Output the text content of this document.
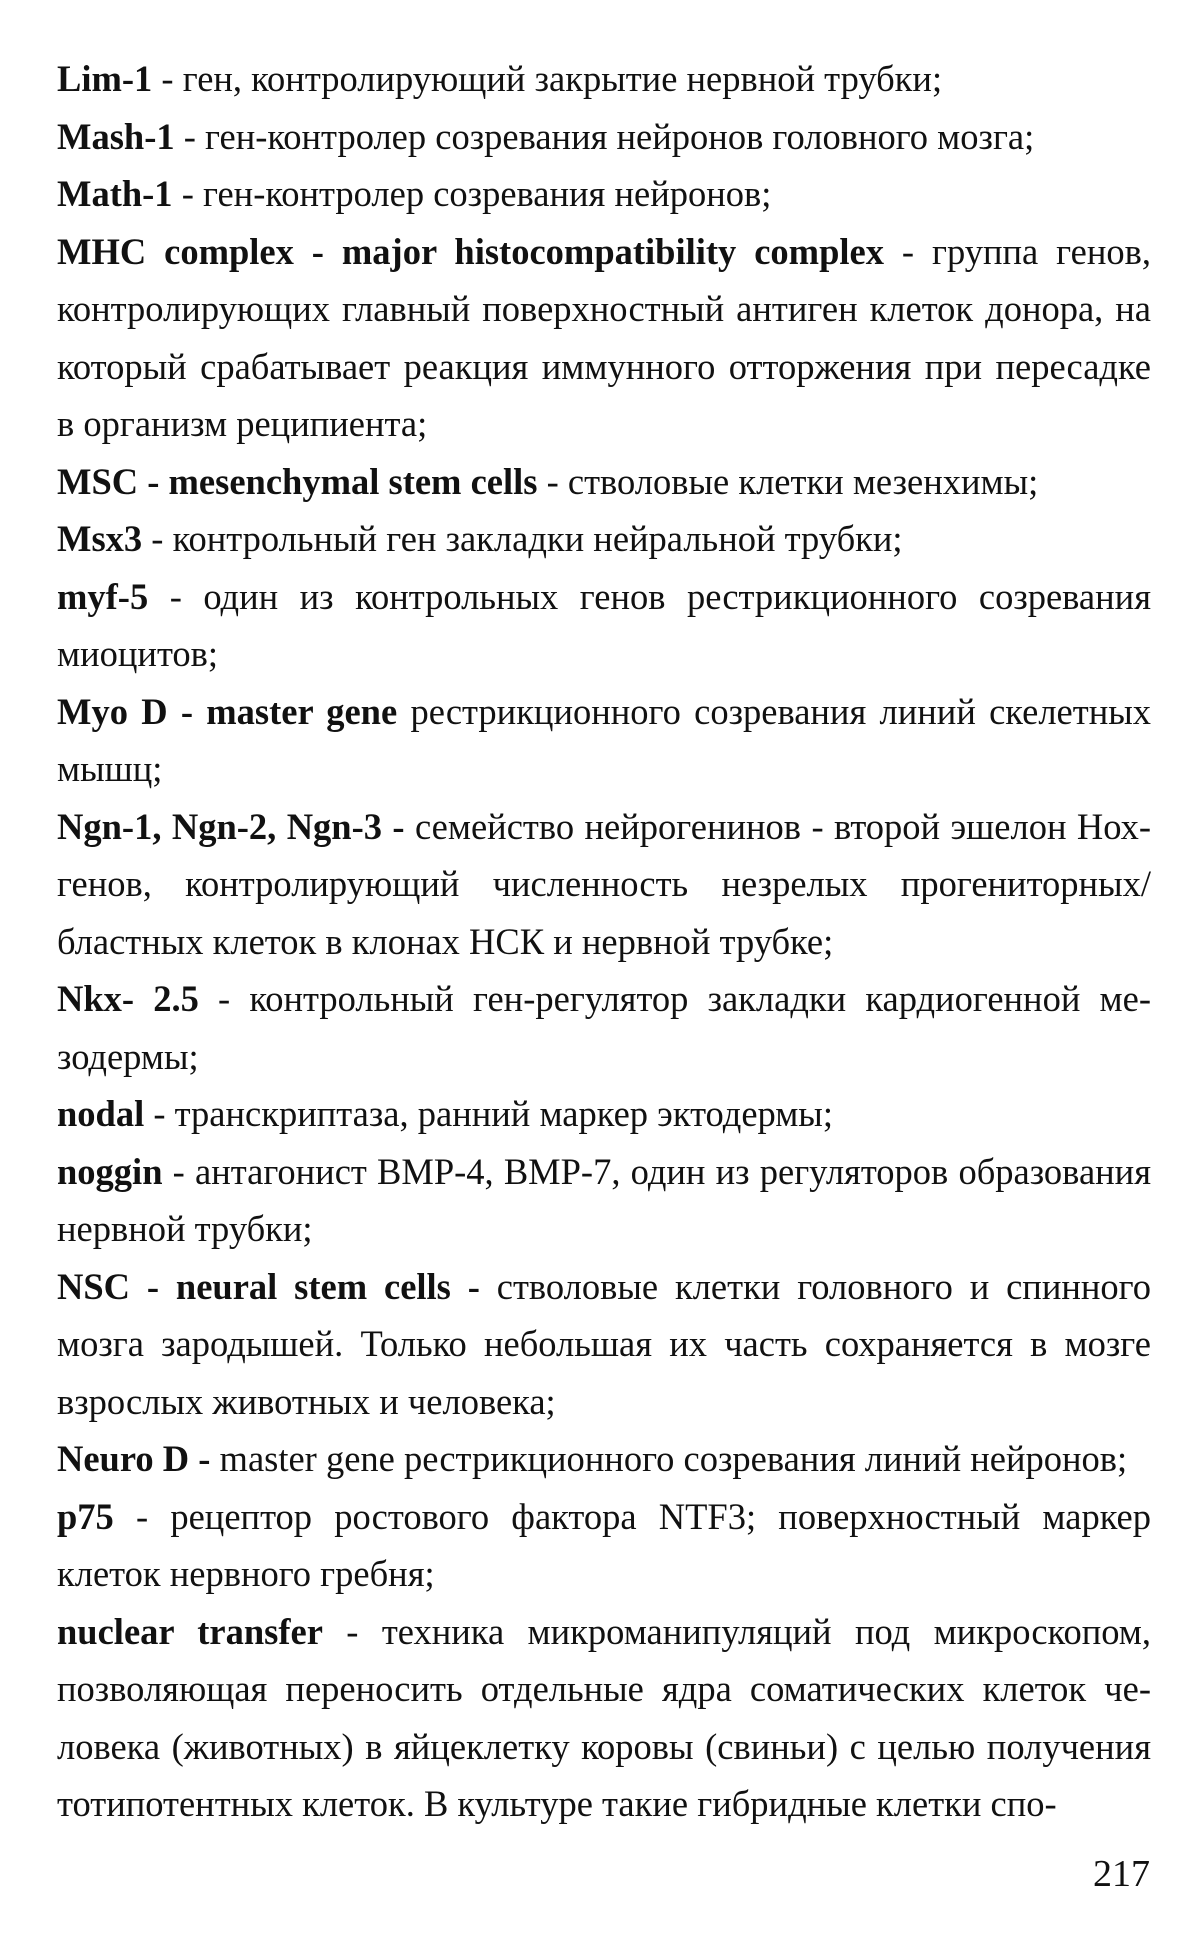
Lim-1 - ген, контролирующий закрытие нервной трубки;

Mash-1 - ген-контролер созревания нейронов головного мозга;

Math-1 - ген-контролер созревания нейронов;

MHC complex - major histocompatibility complex - группа генов, контролирующих главный поверхностный антиген клеток донора, на который срабатывает реакция иммунного отторжения при пересадке в организм реципиента;

MSC - mesenchymal stem cells - стволовые клетки мезенхимы;

Msx3 - контрольный ген закладки нейральной трубки;

myf-5 - один из контрольных генов рестрикционного созревания миоцитов;

Myo D - master gene рестрикционного созревания линий скелетных мышц;

Ngn-1, Ngn-2, Ngn-3 - семейство нейрогенинов - второй эшелон Нох-генов, контролирующий численность незрелых прогениторных/бластных клеток в клонах НСК и нервной трубке;

Nkx- 2.5 - контрольный ген-регулятор закладки кардиогенной мезодермы;

nodal - транскриптаза, ранний маркер эктодермы;

noggin - антагонист ВМР-4, ВМР-7, один из регуляторов образования нервной трубки;

NSC - neural stem cells - стволовые клетки головного и спинного мозга зародышей. Только небольшая их часть сохраняется в мозге взрослых животных и человека;

Neuro D - master gene рестрикционного созревания линий нейронов;

p75 - рецептор ростового фактора NTF3; поверхностный маркер клеток нервного гребня;

nuclear transfer - техника микроманипуляций под микроскопом, позволяющая переносить отдельные ядра соматических клеток человека (животных) в яйцеклетку коровы (свиньи) с целью получения тотипотентных клеток. В культуре такие гибридные клетки спо-

217
